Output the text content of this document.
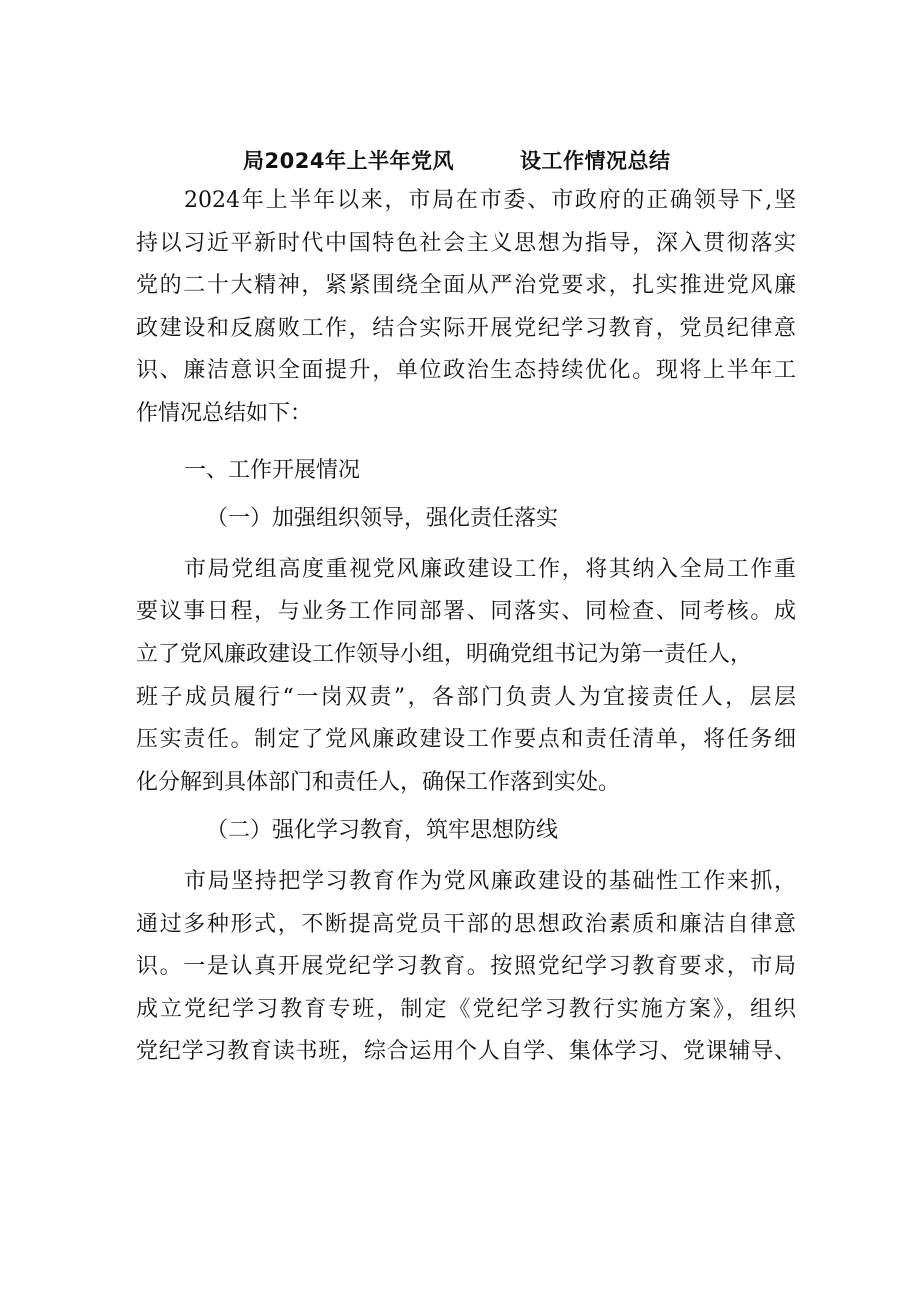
局2024年上半年党风	设工作情况总结
2024年上半年以来，市局在市委、市政府的正确领导下,坚
持以习近平新时代中国特色社会主义思想为指导，深入贯彻落实
党的二十大精神，紧紧围绕全面从严治党要求，扎实推进党风廉
政建设和反腐败工作，结合实际开展党纪学习教育，党员纪律意
识、廉洁意识全面提升，单位政治生态持续优化。现将上半年工
作情况总结如下：
一、工作开展情况
（一）加强组织领导，强化责任落实
市局党组高度重视党风廉政建设工作，将其纳入全局工作重
要议事日程，与业务工作同部署、同落实、同检查、同考核。成
立了党风廉政建设工作领导小组，明确党组书记为第一责任人，
班子成员履行“一岗双责”，各部门负责人为宜接责任人，层层
压实责任。制定了党风廉政建设工作要点和责任清单，将任务细
化分解到具体部门和责任人，确保工作落到实处。
（二）强化学习教育，筑牢思想防线
市局坚持把学习教育作为党风廉政建设的基础性工作来抓，
通过多种形式，不断提高党员干部的思想政治素质和廉洁自律意
识。一是认真开展党纪学习教育。按照党纪学习教育要求，市局
成立党纪学习教育专班，制定《党纪学习教行实施方案》，组织
党纪学习教育读书班，综合运用个人自学、集体学习、党课辅导、
